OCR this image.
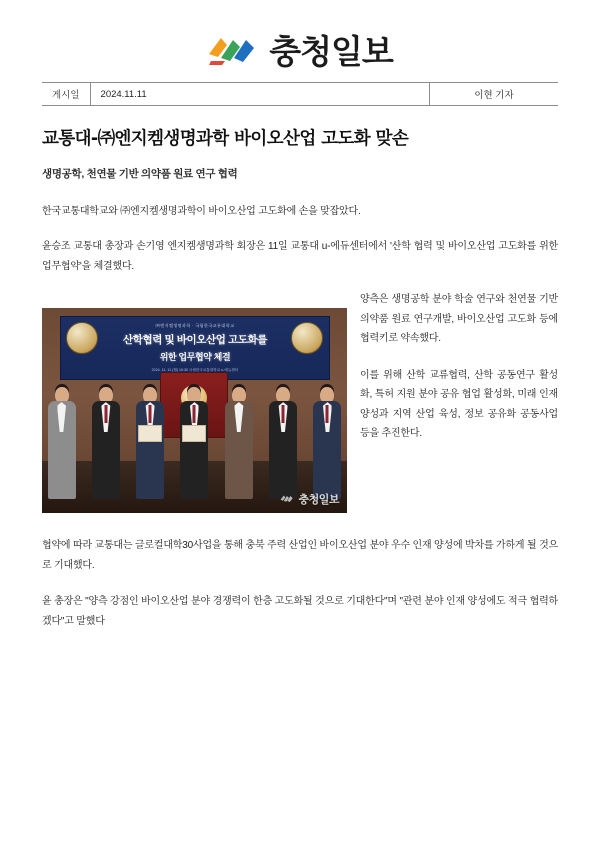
충청일보
게시일	2024.11.11	이현 기자
교통대-㈜엔지켐생명과학 바이오산업 고도화 맞손
생명공학, 천연물 기반 의약품 원료 연구 협력

한국교통대학교와 ㈜엔지켐생명과학이 바이오산업 고도화에 손을 맞잡았다.

윤승조 교통대 총장과 손기영 엔지켐생명과학 회장은 11일 교통대 u-에듀센터에서 '산학 협력 및 바이오산업 고도화를 위한 업무협약'을 체결했다.

㈜엔지켐생명과학 · 국립한국교통대학교
산학협력 및 바이오산업 고도화를
위한 업무협약 체결
2024. 11. 11 (월) 10:30 국립한국교통대학교 u-에듀센터
충청일보

양측은 생명공학 분야 학술 연구와 천연물 기반 의약품 원료 연구개발, 바이오산업 고도화 등에 협력키로 약속했다.

이를 위해 산학 교류협력, 산학 공동연구 활성화, 특허 지원 분야 공유 협업 활성화, 미래 인재 양성과 지역 산업 육성, 정보 공유화 공동사업 등을 추진한다.

협약에 따라 교통대는 글로컬대학30사업을 통해 충북 주력 산업인 바이오산업 분야 우수 인재 양성에 박차를 가하게 될 것으로 기대했다.

윤 총장은 "양측 강점인 바이오산업 분야 경쟁력이 한층 고도화될 것으로 기대한다"며 "관련 분야 인재 양성에도 적극 협력하겠다"고 말했다
